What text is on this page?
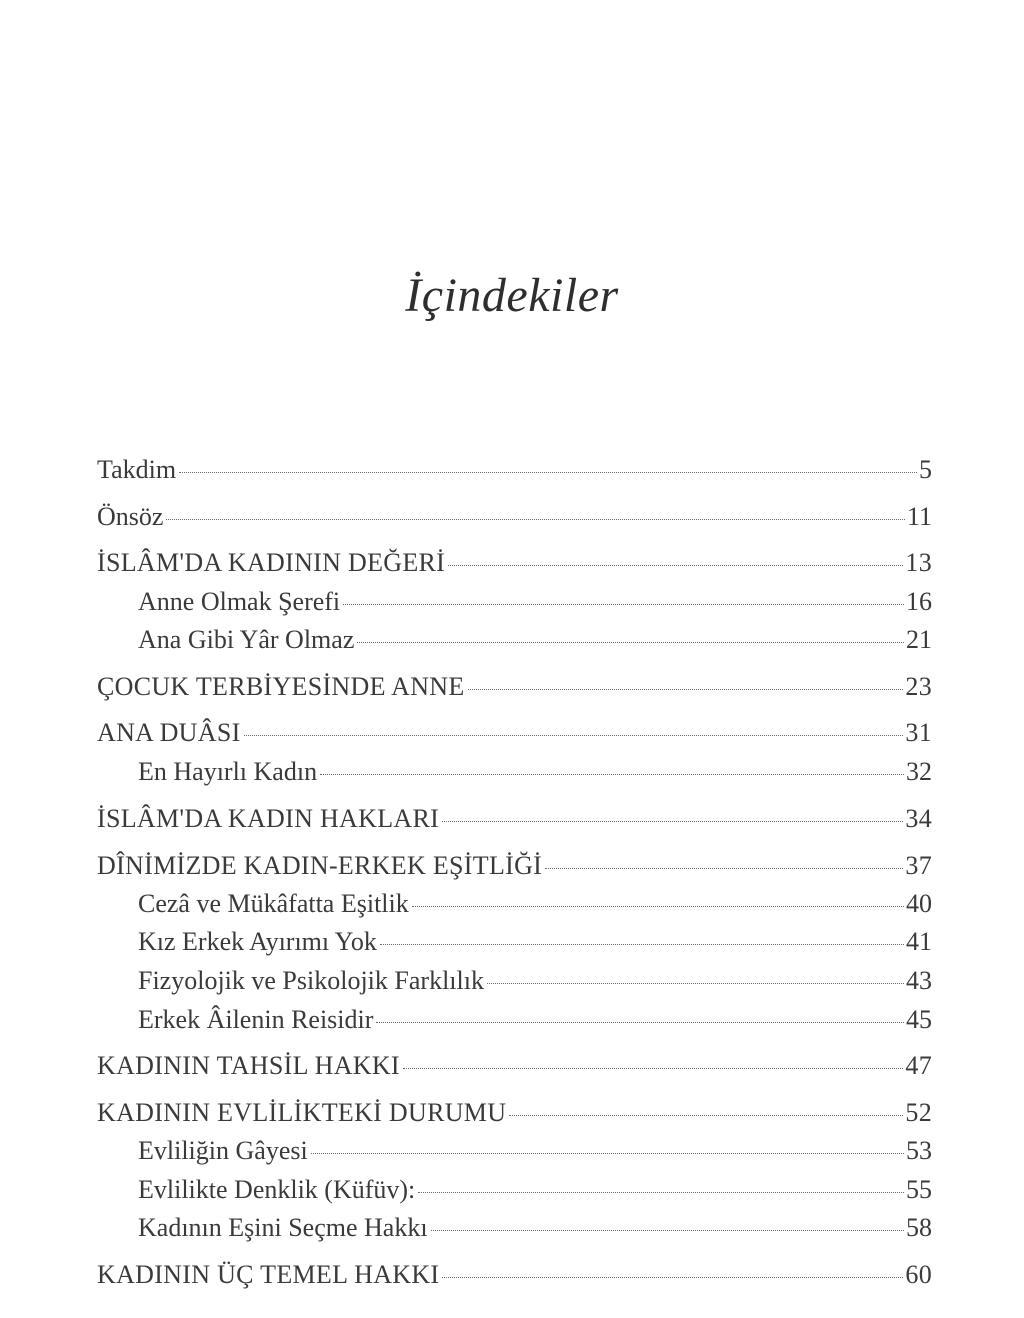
İçindekiler
Takdim	5
Önsöz	11
İSLÂM'DA KADININ DEĞERİ	13
Anne Olmak Şerefi	16
Ana Gibi Yâr Olmaz	21
ÇOCUK TERBİYESİNDE ANNE	23
ANA DUÂSI	31
En Hayırlı Kadın	32
İSLÂM'DA KADIN HAKLARI	34
DÎNİMİZDE KADIN-ERKEK EŞİTLİĞİ	37
Cezâ ve Mükâfatta Eşitlik	40
Kız Erkek Ayırımı Yok	41
Fizyolojik ve Psikolojik Farklılık	43
Erkek Âilenin Reisidir	45
KADININ TAHSİL HAKKI	47
KADININ EVLİLİKTEKİ DURUMU	52
Evliliğin Gâyesi	53
Evlilikte Denklik (Küfüv):	55
Kadının Eşini Seçme Hakkı	58
KADININ ÜÇ TEMEL HAKKI	60
